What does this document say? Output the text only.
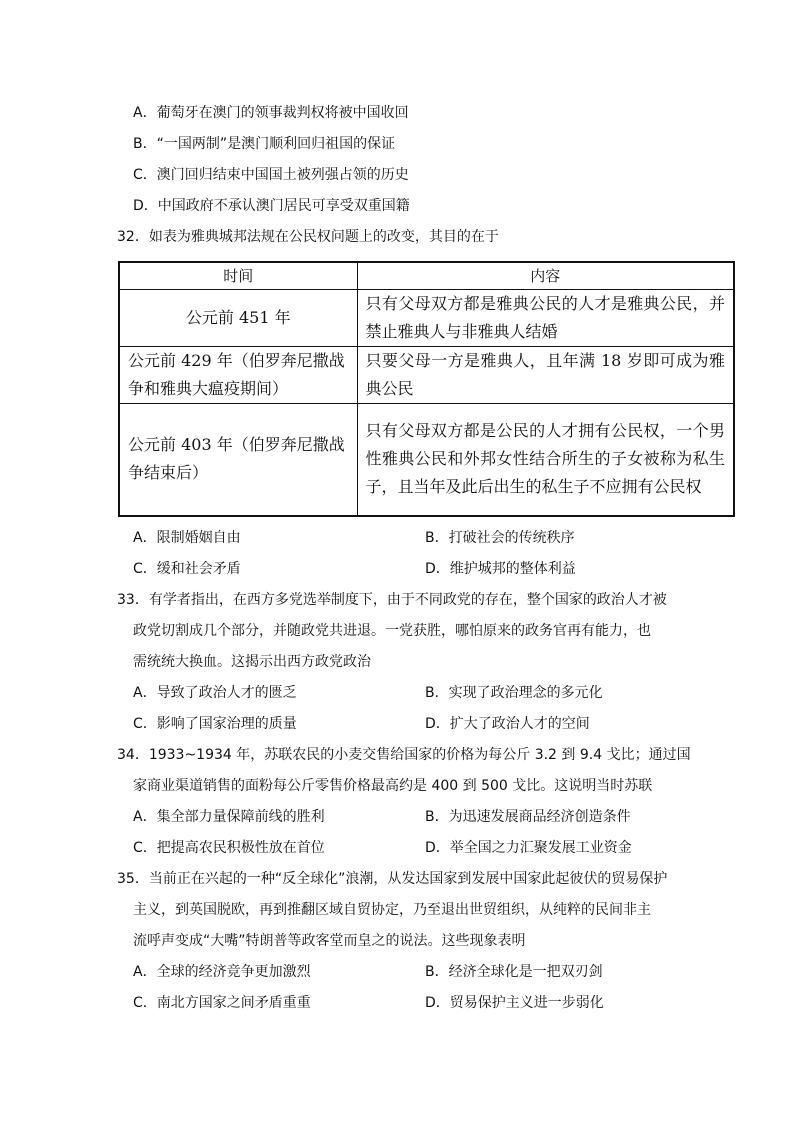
A．葡萄牙在澳门的领事裁判权将被中国收回
B．“一国两制”是澳门顺利回归祖国的保证
C．澳门回归结束中国国土被列强占领的历史
D．中国政府不承认澳门居民可享受双重国籍
32．如表为雅典城邦法规在公民权问题上的改变，其目的在于
时间	内容
公元前 451 年	只有父母双方都是雅典公民的人才是雅典公民，并禁止雅典人与非雅典人结婚
公元前 429 年（伯罗奔尼撒战争和雅典大瘟疫期间）	只要父母一方是雅典人，且年满 18 岁即可成为雅典公民
公元前 403 年（伯罗奔尼撒战争结束后）	只有父母双方都是公民的人才拥有公民权，一个男性雅典公民和外邦女性结合所生的子女被称为私生子，且当年及此后出生的私生子不应拥有公民权
A．限制婚姻自由	B．打破社会的传统秩序
C．缓和社会矛盾	D．维护城邦的整体利益
33．有学者指出，在西方多党选举制度下，由于不同政党的存在，整个国家的政治人才被
政党切割成几个部分，并随政党共进退。一党获胜，哪怕原来的政务官再有能力，也
需统统大换血。这揭示出西方政党政治
A．导致了政治人才的匮乏	B．实现了政治理念的多元化
C．影响了国家治理的质量	D．扩大了政治人才的空间
34．1933~1934 年，苏联农民的小麦交售给国家的价格为每公斤 3.2 到 9.4 戈比；通过国
家商业渠道销售的面粉每公斤零售价格最高约是 400 到 500 戈比。这说明当时苏联
A．集全部力量保障前线的胜利	B．为迅速发展商品经济创造条件
C．把提高农民积极性放在首位	D．举全国之力汇聚发展工业资金
35．当前正在兴起的一种“反全球化”浪潮，从发达国家到发展中国家此起彼伏的贸易保护
主义，到英国脱欧，再到推翻区域自贸协定，乃至退出世贸组织，从纯粹的民间非主
流呼声变成“大嘴”特朗普等政客堂而皇之的说法。这些现象表明
A．全球的经济竞争更加激烈	B．经济全球化是一把双刃剑
C．南北方国家之间矛盾重重	D．贸易保护主义进一步弱化
